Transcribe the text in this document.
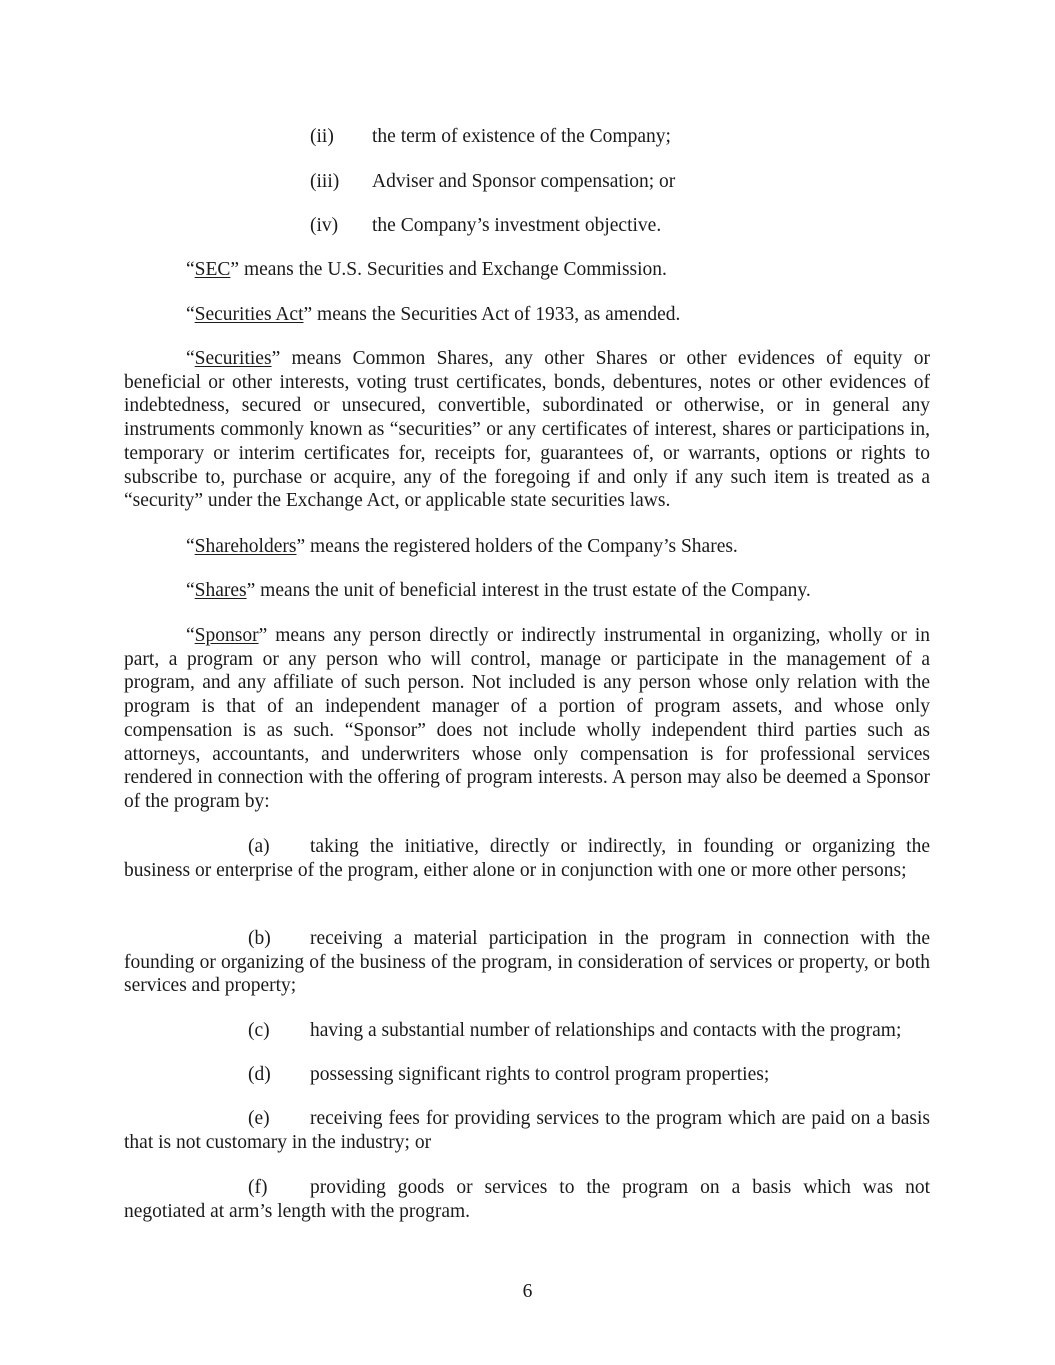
(ii) the term of existence of the Company;
(iii) Adviser and Sponsor compensation; or
(iv) the Company’s investment objective.
“SEC” means the U.S. Securities and Exchange Commission.
“Securities Act” means the Securities Act of 1933, as amended.
“Securities” means Common Shares, any other Shares or other evidences of equity or beneficial or other interests, voting trust certificates, bonds, debentures, notes or other evidences of indebtedness, secured or unsecured, convertible, subordinated or otherwise, or in general any instruments commonly known as “securities” or any certificates of interest, shares or participations in, temporary or interim certificates for, receipts for, guarantees of, or warrants, options or rights to subscribe to, purchase or acquire, any of the foregoing if and only if any such item is treated as a “security” under the Exchange Act, or applicable state securities laws.
“Shareholders” means the registered holders of the Company’s Shares.
“Shares” means the unit of beneficial interest in the trust estate of the Company.
“Sponsor” means any person directly or indirectly instrumental in organizing, wholly or in part, a program or any person who will control, manage or participate in the management of a program, and any affiliate of such person. Not included is any person whose only relation with the program is that of an independent manager of a portion of program assets, and whose only compensation is as such. “Sponsor” does not include wholly independent third parties such as attorneys, accountants, and underwriters whose only compensation is for professional services rendered in connection with the offering of program interests. A person may also be deemed a Sponsor of the program by:
(a) taking the initiative, directly or indirectly, in founding or organizing the business or enterprise of the program, either alone or in conjunction with one or more other persons;
(b) receiving a material participation in the program in connection with the founding or organizing of the business of the program, in consideration of services or property, or both services and property;
(c) having a substantial number of relationships and contacts with the program;
(d) possessing significant rights to control program properties;
(e) receiving fees for providing services to the program which are paid on a basis that is not customary in the industry; or
(f) providing goods or services to the program on a basis which was not negotiated at arm’s length with the program.
6
